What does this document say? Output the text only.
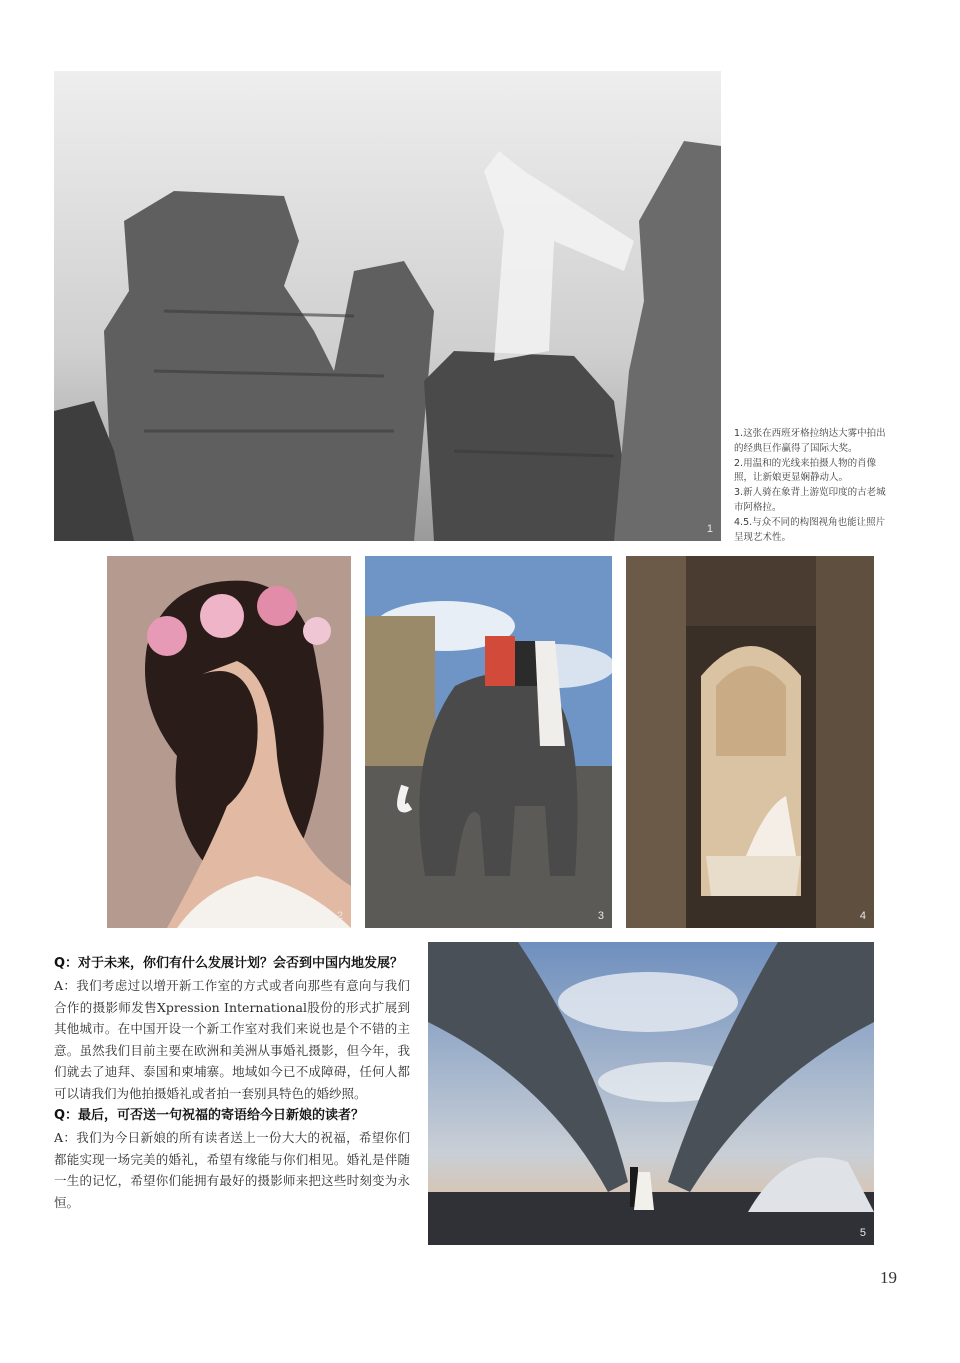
1

1.这张在西班牙格拉纳达大雾中拍出的经典巨作赢得了国际大奖。

2.用温和的光线来拍摄人物的肖像照，让新娘更显娴静动人。

3.新人骑在象背上游览印度的古老城市阿格拉。

4.5.与众不同的构图视角也能让照片呈现艺术性。

2	3	4

Q：对于未来，你们有什么发展计划？会否到中国内地发展？

A：我们考虑过以增开新工作室的方式或者向那些有意向与我们合作的摄影师发售Xpression International股份的形式扩展到其他城市。在中国开设一个新工作室对我们来说也是个不错的主意。虽然我们目前主要在欧洲和美洲从事婚礼摄影，但今年，我们就去了迪拜、泰国和柬埔寨。地域如今已不成障碍，任何人都可以请我们为他拍摄婚礼或者拍一套别具特色的婚纱照。

Q：最后，可否送一句祝福的寄语给今日新娘的读者？

A：我们为今日新娘的所有读者送上一份大大的祝福，希望你们都能实现一场完美的婚礼，希望有缘能与你们相见。婚礼是伴随一生的记忆，希望你们能拥有最好的摄影师来把这些时刻变为永恒。

5
19
